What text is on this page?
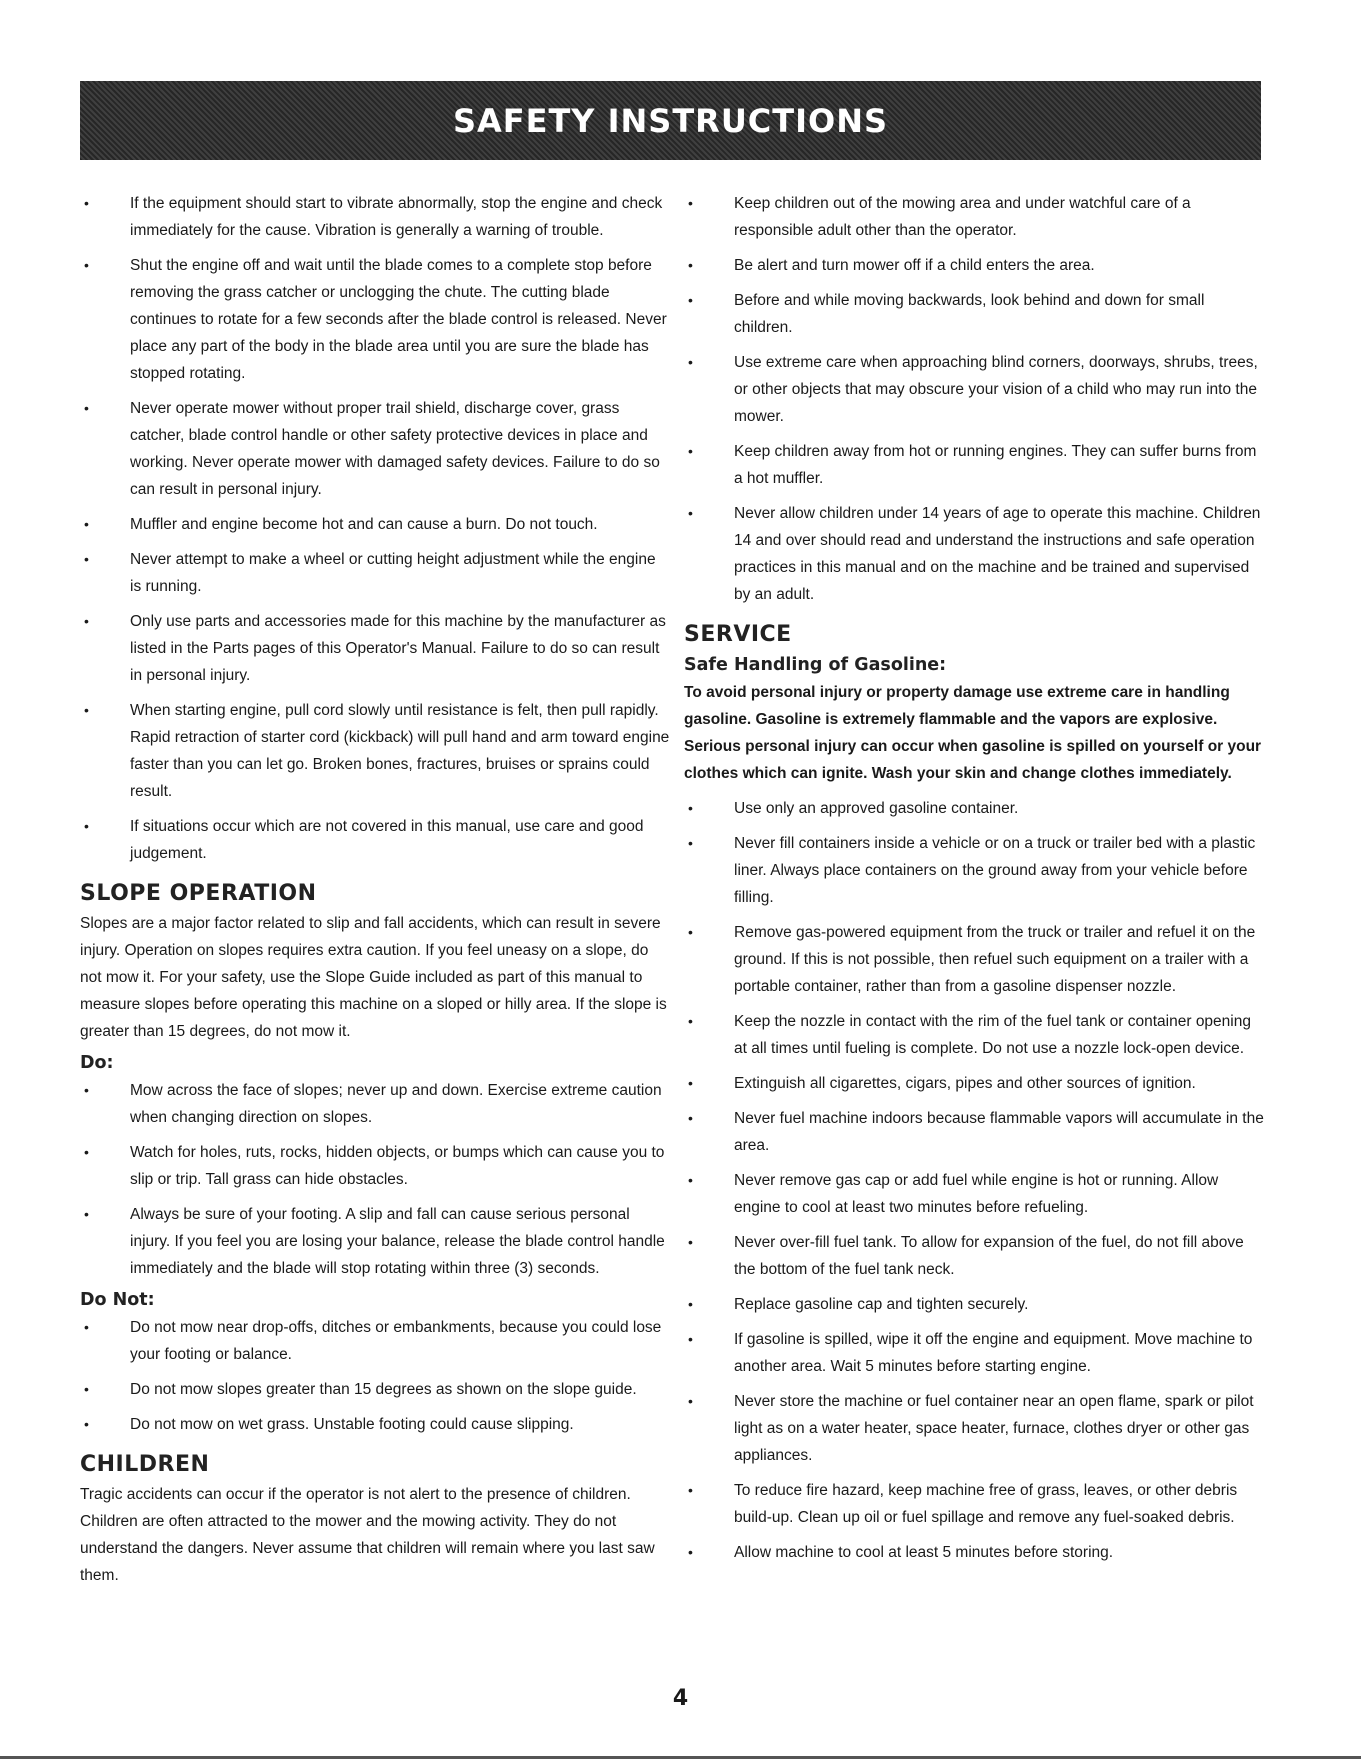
SAFETY INSTRUCTIONS
•	If the equipment should start to vibrate abnormally, stop the engine and check immediately for the cause. Vibration is generally a warning of trouble.
•	Shut the engine off and wait until the blade comes to a complete stop before removing the grass catcher or unclogging the chute. The cutting blade continues to rotate for a few seconds after the blade control is released. Never place any part of the body in the blade area until you are sure the blade has stopped rotating.
•	Never operate mower without proper trail shield, discharge cover, grass catcher, blade control handle or other safety protective devices in place and working. Never operate mower with damaged safety devices. Failure to do so can result in personal injury.
•	Muffler and engine become hot and can cause a burn. Do not touch.
•	Never attempt to make a wheel or cutting height adjustment while the engine is running.
•	Only use parts and accessories made for this machine by the manufacturer as listed in the Parts pages of this Operator's Manual. Failure to do so can result in personal injury.
•	When starting engine, pull cord slowly until resistance is felt, then pull rapidly. Rapid retraction of starter cord (kickback) will pull hand and arm toward engine faster than you can let go. Broken bones, fractures, bruises or sprains could result.
•	If situations occur which are not covered in this manual, use care and good judgement.
SLOPE OPERATION

Slopes are a major factor related to slip and fall accidents, which can result in severe injury. Operation on slopes requires extra caution. If you feel uneasy on a slope, do not mow it. For your safety, use the Slope Guide included as part of this manual to measure slopes before operating this machine on a sloped or hilly area. If the slope is greater than 15 degrees, do not mow it.

Do:
•	Mow across the face of slopes; never up and down. Exercise extreme caution when changing direction on slopes.
•	Watch for holes, ruts, rocks, hidden objects, or bumps which can cause you to slip or trip. Tall grass can hide obstacles.
•	Always be sure of your footing. A slip and fall can cause serious personal injury. If you feel you are losing your balance, release the blade control handle immediately and the blade will stop rotating within three (3) seconds.
Do Not:
•	Do not mow near drop-offs, ditches or embankments, because you could lose your footing or balance.
•	Do not mow slopes greater than 15 degrees as shown on the slope guide.
•	Do not mow on wet grass. Unstable footing could cause slipping.
CHILDREN

Tragic accidents can occur if the operator is not alert to the presence of children. Children are often attracted to the mower and the mowing activity. They do not understand the dangers. Never assume that children will remain where you last saw them.

•	Keep children out of the mowing area and under watchful care of a responsible adult other than the operator.
•	Be alert and turn mower off if a child enters the area.
•	Before and while moving backwards, look behind and down for small children.
•	Use extreme care when approaching blind corners, doorways, shrubs, trees, or other objects that may obscure your vision of a child who may run into the mower.
•	Keep children away from hot or running engines. They can suffer burns from a hot muffler.
•	Never allow children under 14 years of age to operate this machine. Children 14 and over should read and understand the instructions and safe operation practices in this manual and on the machine and be trained and supervised by an adult.
SERVICE
Safe Handling of Gasoline:

To avoid personal injury or property damage use extreme care in handling gasoline. Gasoline is extremely flammable and the vapors are explosive. Serious personal injury can occur when gasoline is spilled on yourself or your clothes which can ignite. Wash your skin and change clothes immediately.

•	Use only an approved gasoline container.
•	Never fill containers inside a vehicle or on a truck or trailer bed with a plastic liner. Always place containers on the ground away from your vehicle before filling.
•	Remove gas-powered equipment from the truck or trailer and refuel it on the ground. If this is not possible, then refuel such equipment on a trailer with a portable container, rather than from a gasoline dispenser nozzle.
•	Keep the nozzle in contact with the rim of the fuel tank or container opening at all times until fueling is complete. Do not use a nozzle lock-open device.
•	Extinguish all cigarettes, cigars, pipes and other sources of ignition.
•	Never fuel machine indoors because flammable vapors will accumulate in the area.
•	Never remove gas cap or add fuel while engine is hot or running. Allow engine to cool at least two minutes before refueling.
•	Never over-fill fuel tank. To allow for expansion of the fuel, do not fill above the bottom of the fuel tank neck.
•	Replace gasoline cap and tighten securely.
•	If gasoline is spilled, wipe it off the engine and equipment. Move machine to another area. Wait 5 minutes before starting engine.
•	Never store the machine or fuel container near an open flame, spark or pilot light as on a water heater, space heater, furnace, clothes dryer or other gas appliances.
•	To reduce fire hazard, keep machine free of grass, leaves, or other debris build-up. Clean up oil or fuel spillage and remove any fuel-soaked debris.
•	Allow machine to cool at least 5 minutes before storing.
4
